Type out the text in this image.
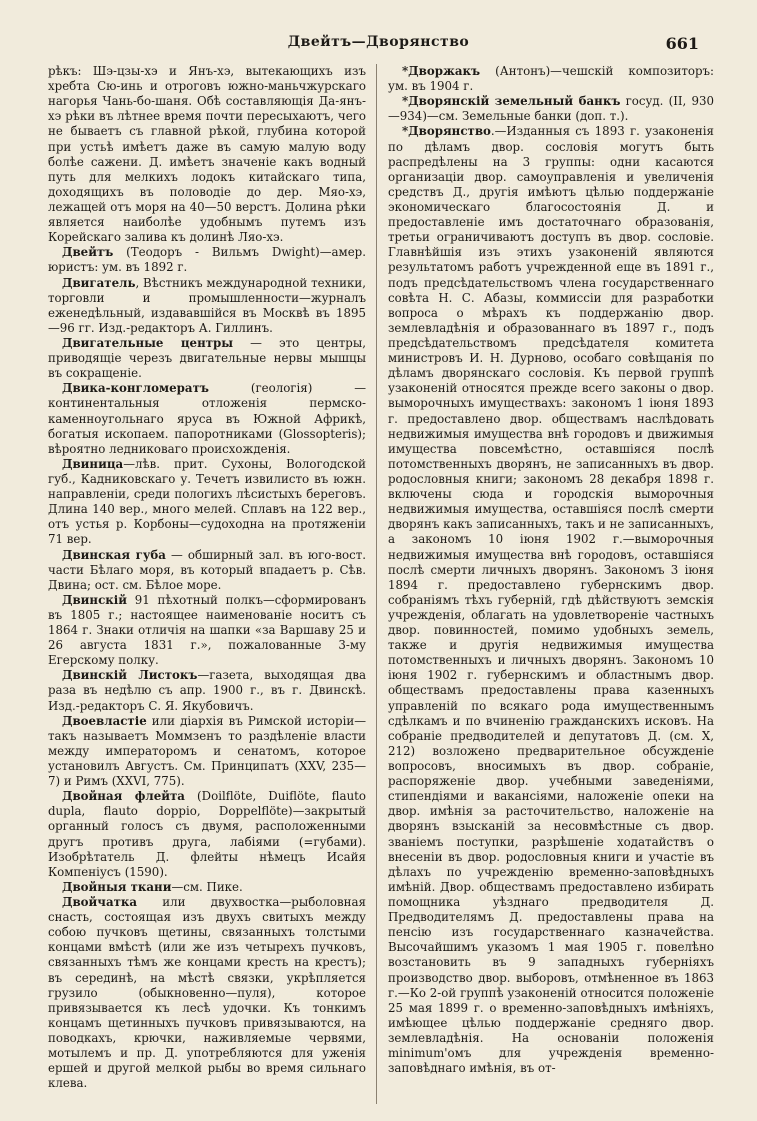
Двейтъ—Дворянство	661

рѣкъ: Шэ-цзы-хэ и Янъ-хэ, вытекающихъ изъ хребта Сю-инь и отроговъ южно-маньчжурскаго нагорья Чань-бо-шаня. Обѣ составляющія Да-янъ-хэ рѣки въ лѣтнее время почти пересыхаютъ, чего не бываетъ съ главной рѣкой, глубина которой при устьѣ имѣетъ даже въ самую малую воду болѣе сажени. Д. имѣетъ значеніе какъ водный путь для мелкихъ лодокъ китайскаго типа, доходящихъ въ половодіе до дер. Мяо-хэ, лежащей отъ моря на 40—50 верстъ. Долина рѣки является наиболѣе удобнымъ путемъ изъ Корейскаго залива къ долинѣ Ляо-хэ.

Двейтъ (Теодоръ - Вильмъ Dwight)—амер. юристъ: ум. въ 1892 г.

Двигатель, Вѣстникъ международной техники, торговли и промышленности—журналъ еженедѣльный, издававшійся въ Москвѣ въ 1895—96 гг. Изд.-редакторъ А. Гиллинъ.

Двигательные центры — это центры, приводящіе черезъ двигательные нервы мышцы въ сокращеніе.

Двика-конгломератъ (геологія) — континентальныя отложенія пермско-каменноугольнаго яруса въ Южной Африкѣ, богатыя ископаем. папоротниками (Glossopteris); вѣроятно ледниковаго происхожденія.

Двиница—лѣв. прит. Сухоны, Вологодской губ., Кадниковскаго у. Течетъ извилисто въ южн. направленіи, среди пологихъ лѣсистыхъ береговъ. Длина 140 вер., много мелей. Сплавъ на 122 вер., отъ устья р. Корбоны—судоходна на протяженіи 71 вер.

Двинская губа — обширный зал. въ юго-вост. части Бѣлаго моря, въ который впадаетъ р. Сѣв. Двина; ост. см. Бѣлое море.

Двинскій 91 пѣхотный полкъ—сформированъ въ 1805 г.; настоящее наименованіе носитъ съ 1864 г. Знаки отличія на шапки «за Варшаву 25 и 26 августа 1831 г.», пожалованные 3-му Егерскому полку.

Двинскій Листокъ—газета, выходящая два раза въ недѣлю съ апр. 1900 г., въ г. Двинскѣ. Изд.-редакторъ С. Я. Якубовичъ.

Двоевластіе или діархія въ Римской исторіи—такъ называетъ Моммзенъ то раздѣленіе власти между императоромъ и сенатомъ, которое установилъ Августъ. См. Принципатъ (XXV, 235—7) и Римъ (XXVI, 775).

Двойная флейта (Doilflöte, Duiflöte, flauto dupla, flauto doppio, Doppelflöte)—закрытый органный голосъ съ двумя, расположенными другъ противъ друга, лабіями (=губами). Изобрѣтатель Д. флейты нѣмецъ Исайя Компеніусъ (1590).

Двойныя ткани—см. Пике.

Двойчатка или двухвостка—рыболовная снасть, состоящая изъ двухъ свитыхъ между собою пучковъ щетины, связанныхъ толстыми концами вмѣстѣ (или же изъ четырехъ пучковъ, связанныхъ тѣмъ же концами кресть на крестъ); въ серединѣ, на мѣстѣ связки, укрѣпляется грузило (обыкновенно—пуля), которое привязывается къ лесѣ удочки. Къ тонкимъ концамъ щетинныхъ пучковъ привязываются, на поводкахъ, крючки, наживляемые червями, мотылемъ и пр. Д. употребляются для уженія ершей и другой мелкой рыбы во время сильнаго клева.

*Дворжакъ (Антонъ)—чешскій композиторъ: ум. въ 1904 г.

*Дворянскій земельный банкъ госуд. (II, 930—934)—см. Земельные банки (доп. т.).

*Дворянство.—Изданныя съ 1893 г. узаконенія по дѣламъ двор. сословія могутъ быть распредѣлены на 3 группы: одни касаются организаціи двор. самоуправленія и увеличенія средствъ Д., другія имѣютъ цѣлью поддержаніе экономическаго благосостоянія Д. и предоставленіе имъ достаточнаго образованія, третьи ограничиваютъ доступъ въ двор. сословіе. Главнѣйшія изъ этихъ узаконеній являются результатомъ работъ учрежденной еще въ 1891 г., подъ предсѣдательствомъ члена государственнаго совѣта Н. С. Абазы, коммиссіи для разработки вопроса о мѣрахъ къ поддержанію двор. землевладѣнія и образованнаго въ 1897 г., подъ предсѣдательствомъ предсѣдателя комитета министровъ И. Н. Дурново, особаго совѣщанія по дѣламъ дворянскаго сословія. Къ первой группѣ узаконеній относятся прежде всего законы о двор. выморочныхъ имуществахъ: закономъ 1 іюня 1893 г. предоставлено двор. обществамъ наслѣдовать недвижимыя имущества внѣ городовъ и движимыя имущества повсемѣстно, оставшіяся послѣ потомственныхъ дворянъ, не записанныхъ въ двор. родословныя книги; закономъ 28 декабря 1898 г. включены сюда и городскія выморочныя недвижимыя имущества, оставшіяся послѣ смерти дворянъ какъ записанныхъ, такъ и не записанныхъ, а закономъ 10 іюня 1902 г.—выморочныя недвижимыя имущества внѣ городовъ, оставшіяся послѣ смерти личныхъ дворянъ. Закономъ 3 іюня 1894 г. предоставлено губернскимъ двор. собраніямъ тѣхъ губерній, гдѣ дѣйствуютъ земскія учрежденія, облагать на удовлетвореніе частныхъ двор. повинностей, помимо удобныхъ земель, также и другія недвижимыя имущества потомственныхъ и личныхъ дворянъ. Закономъ 10 іюня 1902 г. губернскимъ и областнымъ двор. обществамъ предоставлены права казенныхъ управленій по всякаго рода имущественнымъ сдѣлкамъ и по вчиненію гражданскихъ исковъ. На собраніе предводителей и депутатовъ Д. (см. X, 212) возложено предварительное обсужденіе вопросовъ, вносимыхъ въ двор. собраніе, распоряженіе двор. учебными заведеніями, стипендіями и вакансіями, наложеніе опеки на двор. имѣнія за расточительство, наложеніе на дворянъ взысканій за несовмѣстные съ двор. званіемъ поступки, разрѣшеніе ходатайствъ о внесеніи въ двор. родословныя книги и участіе въ дѣлахъ по учрежденію временно-заповѣдныхъ имѣній. Двор. обществамъ предоставлено избирать помощника уѣзднаго предводителя Д. Предводителямъ Д. предоставлены права на пенсію изъ государственнаго казначейства. Высочайшимъ указомъ 1 мая 1905 г. повелѣно возстановить въ 9 западныхъ губерніяхъ производство двор. выборовъ, отмѣненное въ 1863 г.—Ко 2-ой группѣ узаконеній относится положеніе 25 мая 1899 г. о временно-заповѣдныхъ имѣніяхъ, имѣющее цѣлью поддержаніе средняго двор. землевладѣнія. На основаніи положенія minimum'омъ для учрежденія временно-заповѣднаго имѣнія, въ от-
